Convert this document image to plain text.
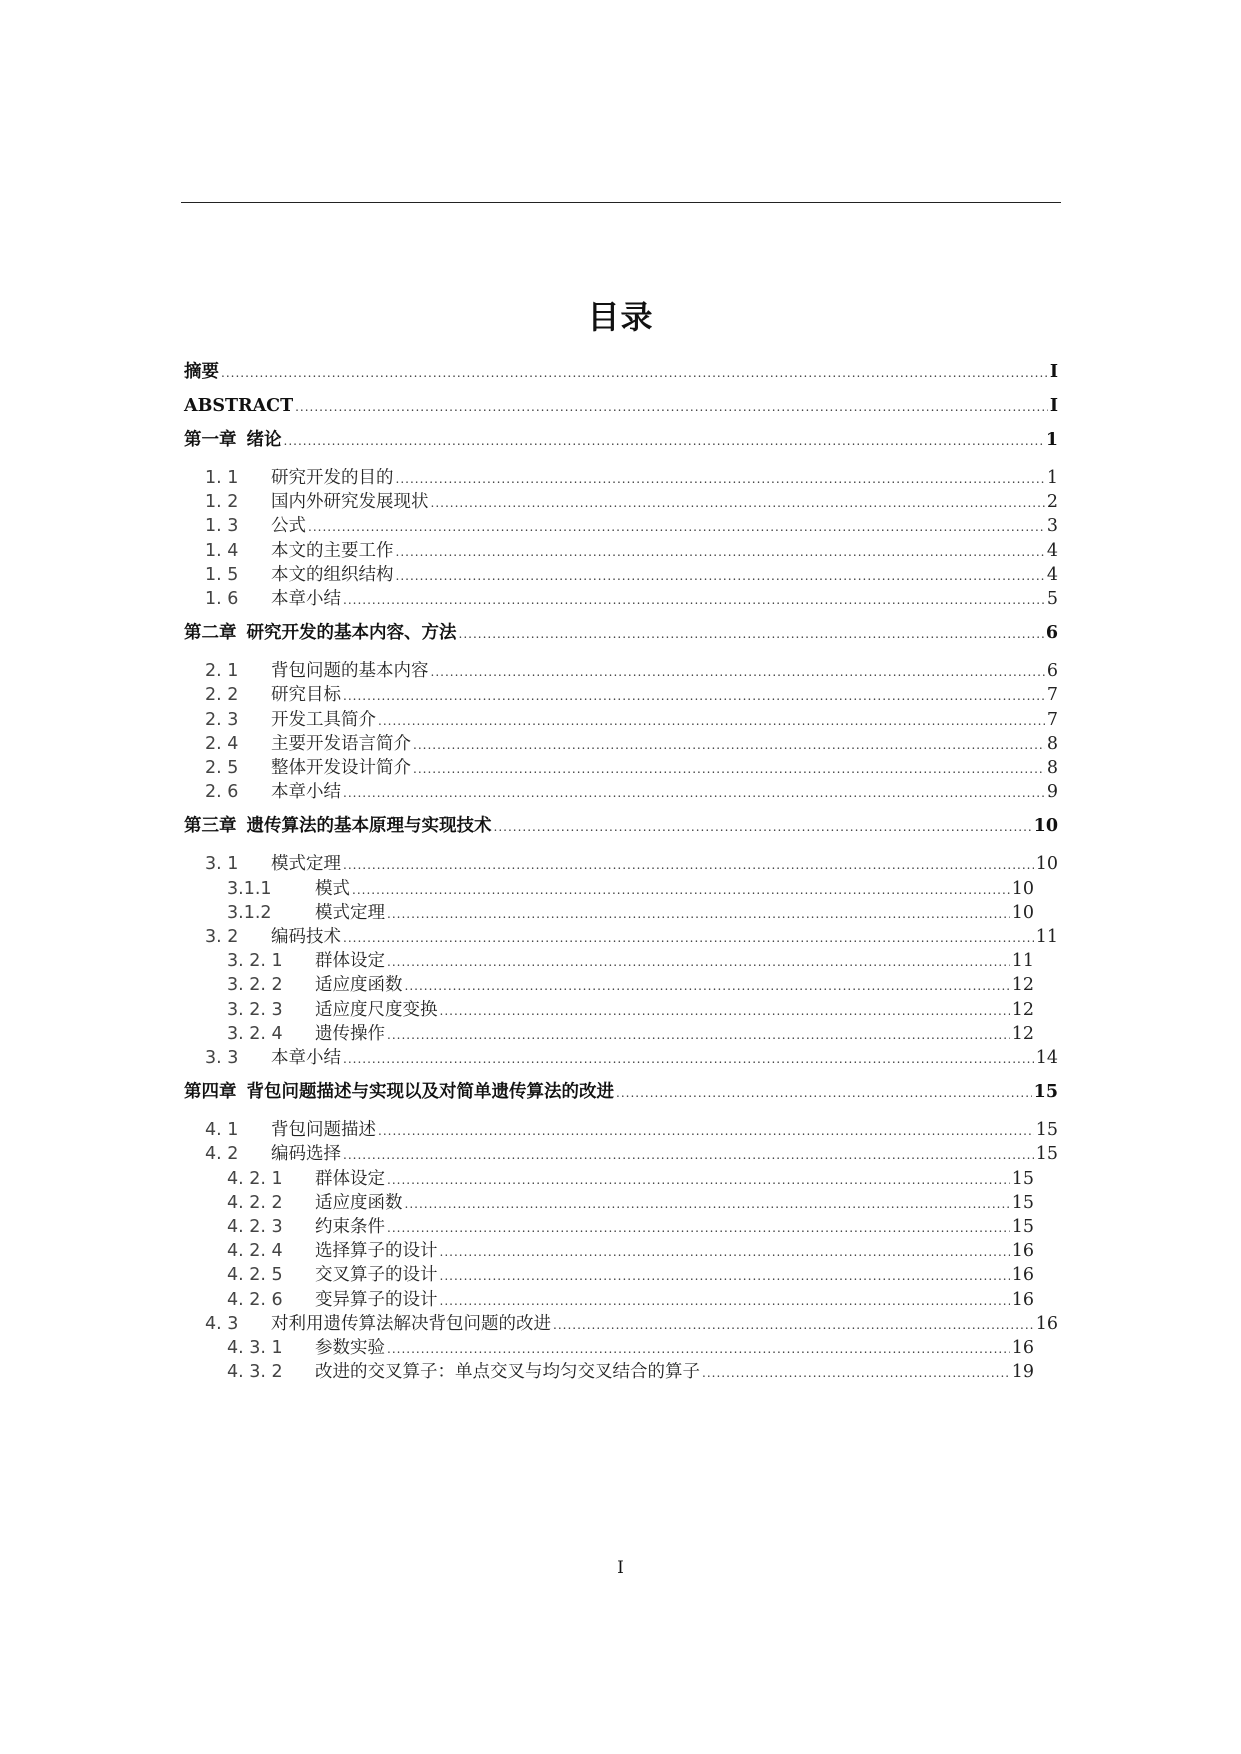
目录
摘要 .....	I
ABSTRACT .....	I
第一章 绪论 .....	1
1. 1	研究开发的目的 .....	1
1. 2	国内外研究发展现状 .....	2
1. 3	公式 .....	3
1. 4	本文的主要工作 .....	4
1. 5	本文的组织结构 .....	4
1. 6	本章小结 .....	5
第二章 研究开发的基本内容、方法 .....	6
2. 1	背包问题的基本内容 .....	6
2. 2	研究目标 .....	7
2. 3	开发工具简介 .....	7
2. 4	主要开发语言简介 .....	8
2. 5	整体开发设计简介 .....	8
2. 6	本章小结 .....	9
第三章 遗传算法的基本原理与实现技术 .....	10
3. 1	模式定理 .....	10
3.1.1	模式 .....	10
3.1.2	模式定理 .....	10
3. 2	编码技术 .....	11
3. 2. 1	群体设定 .....	11
3. 2. 2	适应度函数 .....	12
3. 2. 3	适应度尺度变换 .....	12
3. 2. 4	遗传操作 .....	12
3. 3	本章小结 .....	14
第四章 背包问题描述与实现以及对简单遗传算法的改进 .....	15
4. 1	背包问题描述 .....	15
4. 2	编码选择 .....	15
4. 2. 1	群体设定 .....	15
4. 2. 2	适应度函数 .....	15
4. 2. 3	约束条件 .....	15
4. 2. 4	选择算子的设计 .....	16
4. 2. 5	交叉算子的设计 .....	16
4. 2. 6	变异算子的设计 .....	16
4. 3	对利用遗传算法解决背包问题的改进 .....	16
4. 3. 1	参数实验 .....	16
4. 3. 2	改进的交叉算子：单点交叉与均匀交叉结合的算子 .....	19
I
